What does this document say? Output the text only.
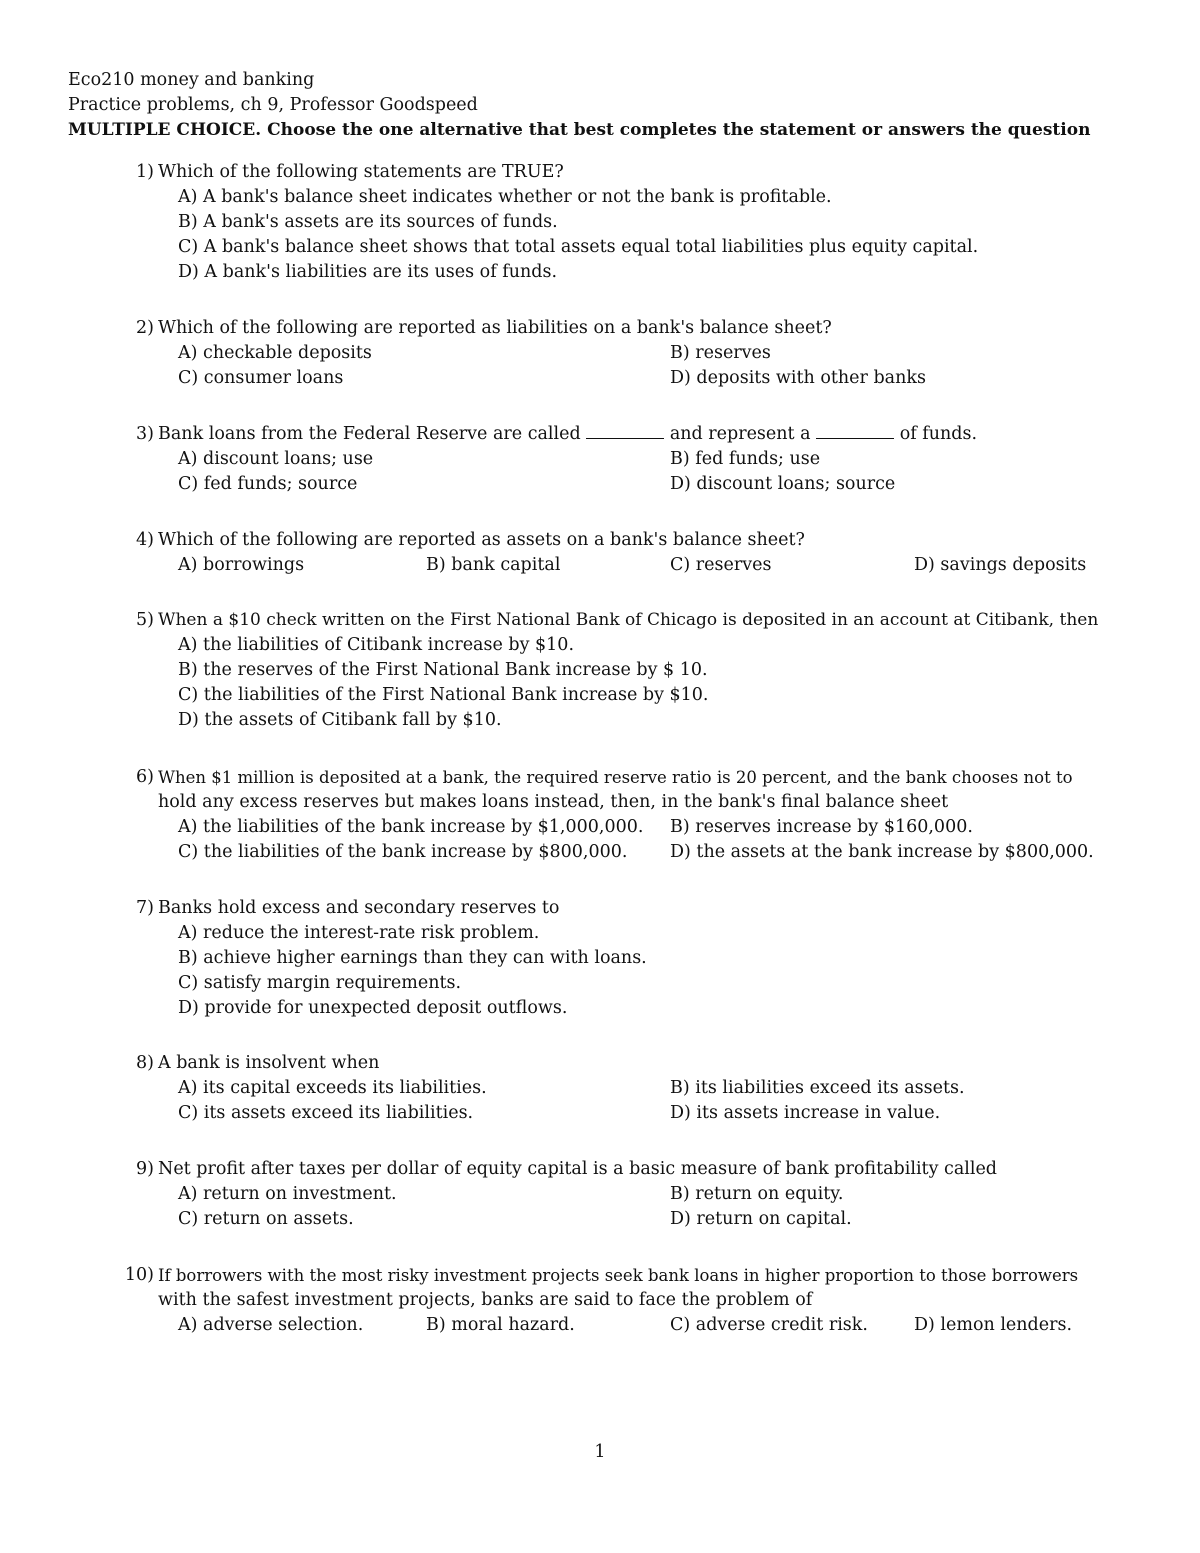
Eco210 money and banking
Practice problems, ch 9, Professor Goodspeed
MULTIPLE CHOICE. Choose the one alternative that best completes the statement or answers the question
1) Which of the following statements are TRUE?
A) A bank's balance sheet indicates whether or not the bank is profitable.
B) A bank's assets are its sources of funds.
C) A bank's balance sheet shows that total assets equal total liabilities plus equity capital.
D) A bank's liabilities are its uses of funds.
2) Which of the following are reported as liabilities on a bank's balance sheet?
A) checkable deposits	B) reserves
C) consumer loans	D) deposits with other banks
3) Bank loans from the Federal Reserve are called	and represent a	of funds.
A) discount loans; use	B) fed funds; use
C) fed funds; source	D) discount loans; source
4) Which of the following are reported as assets on a bank's balance sheet?
A) borrowings	B) bank capital	C) reserves	D) savings deposits
5) When a $10 check written on the First National Bank of Chicago is deposited in an account at Citibank, then
A) the liabilities of Citibank increase by $10.
B) the reserves of the First National Bank increase by $ 10.
C) the liabilities of the First National Bank increase by $10.
D) the assets of Citibank fall by $10.
6) When $1 million is deposited at a bank, the required reserve ratio is 20 percent, and the bank chooses not to
hold any excess reserves but makes loans instead, then, in the bank's final balance sheet
A) the liabilities of the bank increase by $1,000,000. B) reserves increase by $160,000.
C) the liabilities of the bank increase by $800,000. D) the assets at the bank increase by $800,000.
7) Banks hold excess and secondary reserves to
A) reduce the interest-rate risk problem.
B) achieve higher earnings than they can with loans.
C) satisfy margin requirements.
D) provide for unexpected deposit outflows.
8) A bank is insolvent when
A) its capital exceeds its liabilities.	B) its liabilities exceed its assets.
C) its assets exceed its liabilities.	D) its assets increase in value.
9) Net profit after taxes per dollar of equity capital is a basic measure of bank profitability called
A) return on investment.	B) return on equity.
C) return on assets.	D) return on capital.
10) If borrowers with the most risky investment projects seek bank loans in higher proportion to those borrowers
with the safest investment projects, banks are said to face the problem of
A) adverse selection.	B) moral hazard.	C) adverse credit risk.	D) lemon lenders.
1
